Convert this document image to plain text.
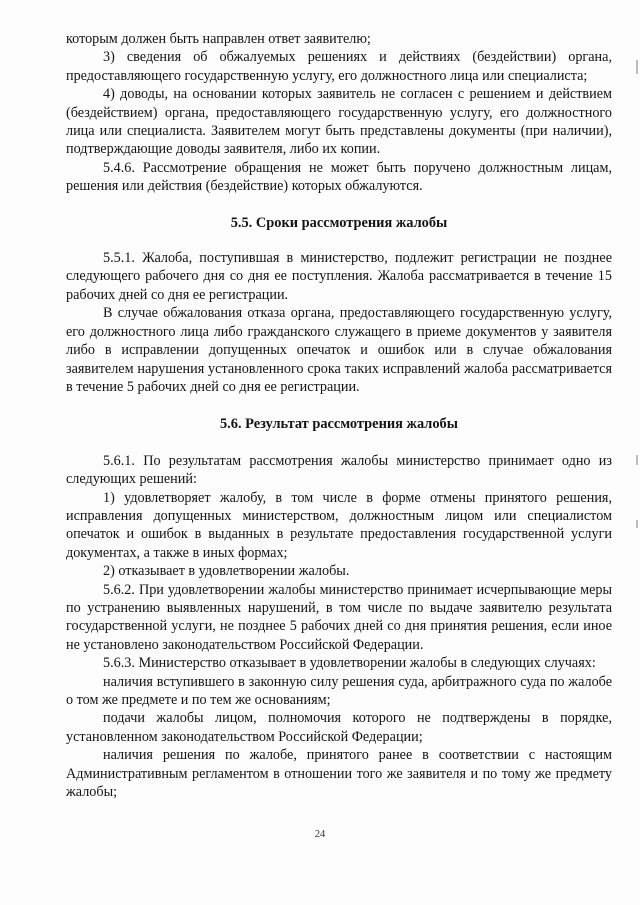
которым должен быть направлен ответ заявителю;

3) сведения об обжалуемых решениях и действиях (бездействии) органа, предоставляющего государственную услугу, его должностного лица или специалиста;

4) доводы, на основании которых заявитель не согласен с решением и действием (бездействием) органа, предоставляющего государственную услугу, его должностного лица или специалиста. Заявителем могут быть представлены документы (при наличии), подтверждающие доводы заявителя, либо их копии.

5.4.6. Рассмотрение обращения не может быть поручено должностным лицам, решения или действия (бездействие) которых обжалуются.

5.5. Сроки рассмотрения жалобы

5.5.1. Жалоба, поступившая в министерство, подлежит регистрации не позднее следующего рабочего дня со дня ее поступления. Жалоба рассматривается в течение 15 рабочих дней со дня ее регистрации.

В случае обжалования отказа органа, предоставляющего государственную услугу, его должностного лица либо гражданского служащего в приеме документов у заявителя либо в исправлении допущенных опечаток и ошибок или в случае обжалования заявителем нарушения установленного срока таких исправлений жалоба рассматривается в течение 5 рабочих дней со дня ее регистрации.

5.6. Результат рассмотрения жалобы

5.6.1. По результатам рассмотрения жалобы министерство принимает одно из следующих решений:

1) удовлетворяет жалобу, в том числе в форме отмены принятого решения, исправления допущенных министерством, должностным лицом или специалистом опечаток и ошибок в выданных в результате предоставления государственной услуги документах, а также в иных формах;

2) отказывает в удовлетворении жалобы.

5.6.2. При удовлетворении жалобы министерство принимает исчерпывающие меры по устранению выявленных нарушений, в том числе по выдаче заявителю результата государственной услуги, не позднее 5 рабочих дней со дня принятия решения, если иное не установлено законодательством Российской Федерации.

5.6.3. Министерство отказывает в удовлетворении жалобы в следующих случаях:

наличия вступившего в законную силу решения суда, арбитражного суда по жалобе о том же предмете и по тем же основаниям;

подачи жалобы лицом, полномочия которого не подтверждены в порядке, установленном законодательством Российской Федерации;

наличия решения по жалобе, принятого ранее в соответствии с настоящим Административным регламентом в отношении того же заявителя и по тому же предмету жалобы;

24
